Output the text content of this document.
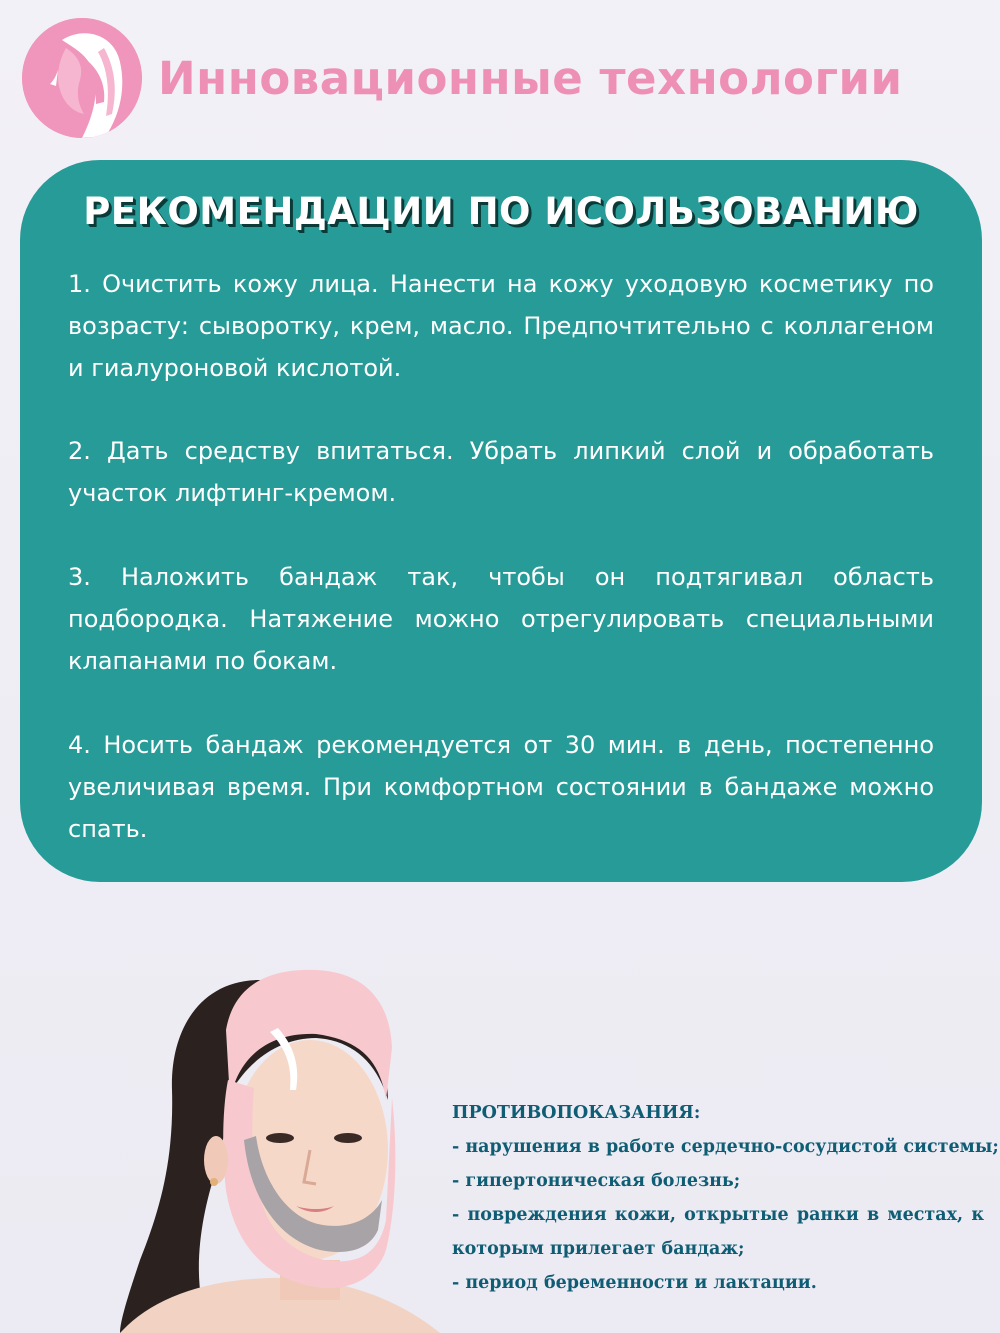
Инновационные технологии
РЕКОМЕНДАЦИИ ПО ИСОЛЬЗОВАНИЮ
1. Очистить кожу лица. Нанести на кожу уходовую косметику по возрасту: сыворотку, крем, масло. Предпочтительно с коллагеном и гиалуроновой кислотой.
2. Дать средству впитаться. Убрать липкий слой и обработать участок лифтинг-кремом.
3. Наложить бандаж так, чтобы он подтягивал область подбородка. Натяжение можно отрегулировать специальными клапанами по бокам.
4. Носить бандаж рекомендуется от 30 мин. в день, постепенно увеличивая время. При комфортном состоянии в бандаже можно спать.
ПРОТИВОПОКАЗАНИЯ:
- нарушения в работе сердечно-сосудистой системы;
- гипертоническая болезнь;
- повреждения кожи, открытые ранки в местах, к
которым прилегает бандаж;
- период беременности и лактации.
